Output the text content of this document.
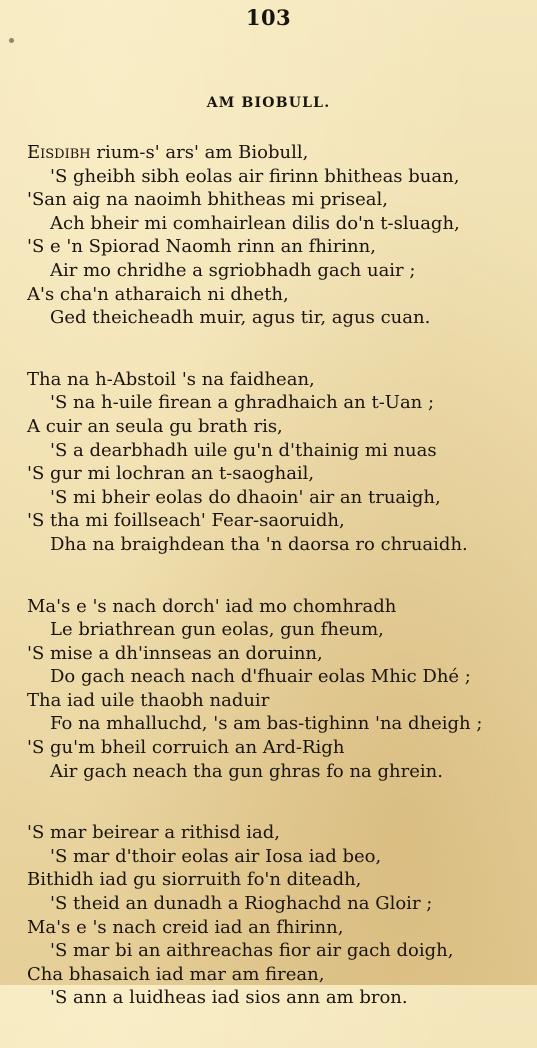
103
AM BIOBULL.
Eisdibh rium-s' ars' am Biobull,
'S gheibh sibh eolas air firinn bhitheas buan,
'San aig na naoimh bhitheas mi priseal,
Ach bheir mi comhairlean dilis do'n t-sluagh,
'S e 'n Spiorad Naomh rinn an fhirinn,
Air mo chridhe a sgriobhadh gach uair ;
A's cha'n atharaich ni dheth,
Ged theicheadh muir, agus tir, agus cuan.
Tha na h-Abstoil 's na faidhean,
'S na h-uile firean a ghradhaich an t-Uan ;
A cuir an seula gu brath ris,
'S a dearbhadh uile gu'n d'thainig mi nuas
'S gur mi lochran an t-saoghail,
'S mi bheir eolas do dhaoin' air an truaigh,
'S tha mi foillseach' Fear-saoruidh,
Dha na braighdean tha 'n daorsa ro chruaidh.
Ma's e 's nach dorch' iad mo chomhradh
Le briathrean gun eolas, gun fheum,
'S mise a dh'innseas an doruinn,
Do gach neach nach d'fhuair eolas Mhic Dhé ;
Tha iad uile thaobh naduir
Fo na mhalluchd, 's am bas-tighinn 'na dheigh ;
'S gu'm bheil corruich an Ard-Righ
Air gach neach tha gun ghras fo na ghrein.
'S mar beirear a rithisd iad,
'S mar d'thoir eolas air Iosa iad beo,
Bithidh iad gu siorruith fo'n diteadh,
'S theid an dunadh a Rioghachd na Gloir ;
Ma's e 's nach creid iad an fhirinn,
'S mar bi an aithreachas fior air gach doigh,
Cha bhasaich iad mar am firean,
'S ann a luidheas iad sios ann am bron.
